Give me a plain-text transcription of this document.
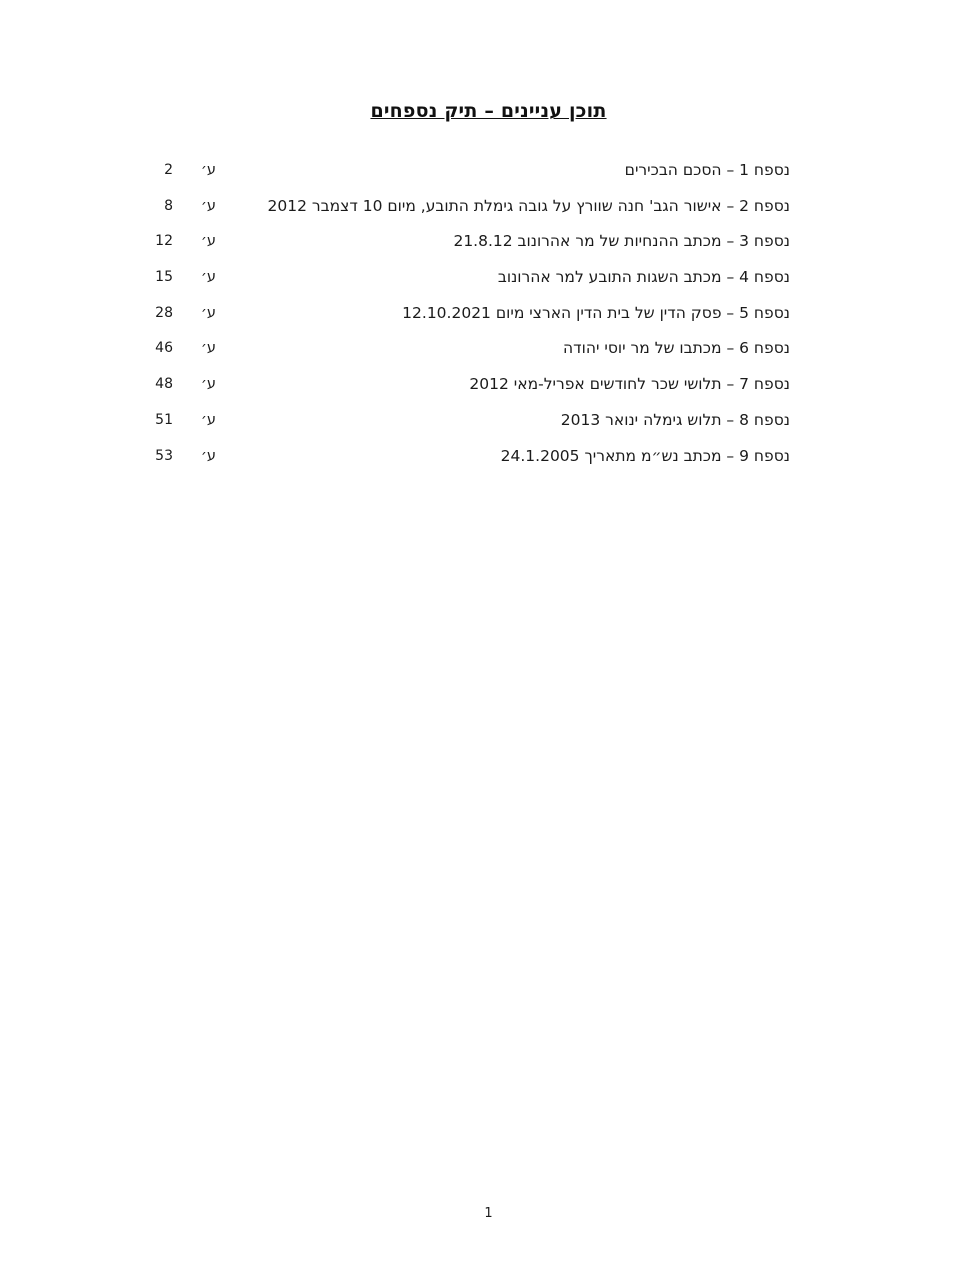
תוכן עניינים – תיק נספחים
נספח 1 – הסכם הבכירים
ע׳
2
נספח 2 – אישור הגב' חנה שוורץ על גובה גימלת התובע, מיום 10 דצמבר 2012
ע׳
8
נספח 3 – מכתב ההנחיות של מר אהרונוב 21.8.12
ע׳
12
נספח 4 – מכתב השגות התובע למר אהרונוב
ע׳
15
נספח 5 – פסק הדין של בית הדין הארצי מיום 12.10.2021
ע׳
28
נספח 6 – מכתבו של מר יוסי יהודה
ע׳
46
נספח 7 – תלושי שכר לחודשים אפריל-מאי 2012
ע׳
48
נספח 8 – תלוש גימלה ינואר 2013
ע׳
51
נספח 9 – מכתב נש״מ מתאריך 24.1.2005
ע׳
53
1
